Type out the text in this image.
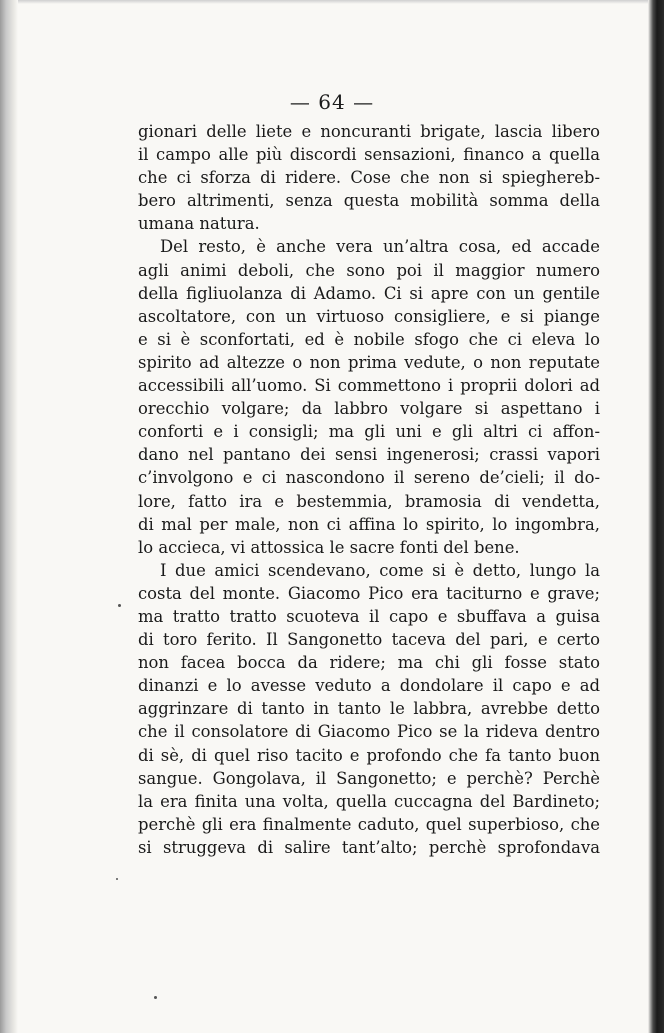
— 64 —
gionari delle liete e noncuranti brigate, lascia libero
il campo alle più discordi sensazioni, financo a quella
che ci sforza di ridere. Cose che non si spieghereb-
bero altrimenti, senza questa mobilità somma della
umana natura.
Del resto, è anche vera un’altra cosa, ed accade
agli animi deboli, che sono poi il maggior numero
della figliuolanza di Adamo. Ci si apre con un gentile
ascoltatore, con un virtuoso consigliere, e si piange
e si è sconfortati, ed è nobile sfogo che ci eleva lo
spirito ad altezze o non prima vedute, o non reputate
accessibili all’uomo. Si commettono i proprii dolori ad
orecchio volgare; da labbro volgare si aspettano i
conforti e i consigli; ma gli uni e gli altri ci affon-
dano nel pantano dei sensi ingenerosi; crassi vapori
c’involgono e ci nascondono il sereno de’cieli; il do-
lore, fatto ira e bestemmia, bramosia di vendetta,
di mal per male, non ci affina lo spirito, lo ingombra,
lo accieca, vi attossica le sacre fonti del bene.
I due amici scendevano, come si è detto, lungo la
costa del monte. Giacomo Pico era taciturno e grave;
ma tratto tratto scuoteva il capo e sbuffava a guisa
di toro ferito. Il Sangonetto taceva del pari, e certo
non facea bocca da ridere; ma chi gli fosse stato
dinanzi e lo avesse veduto a dondolare il capo e ad
aggrinzare di tanto in tanto le labbra, avrebbe detto
che il consolatore di Giacomo Pico se la rideva dentro
di sè, di quel riso tacito e profondo che fa tanto buon
sangue. Gongolava, il Sangonetto; e perchè? Perchè
la era finita una volta, quella cuccagna del Bardineto;
perchè gli era finalmente caduto, quel superbioso, che
si struggeva di salire tant’alto; perchè sprofondava
